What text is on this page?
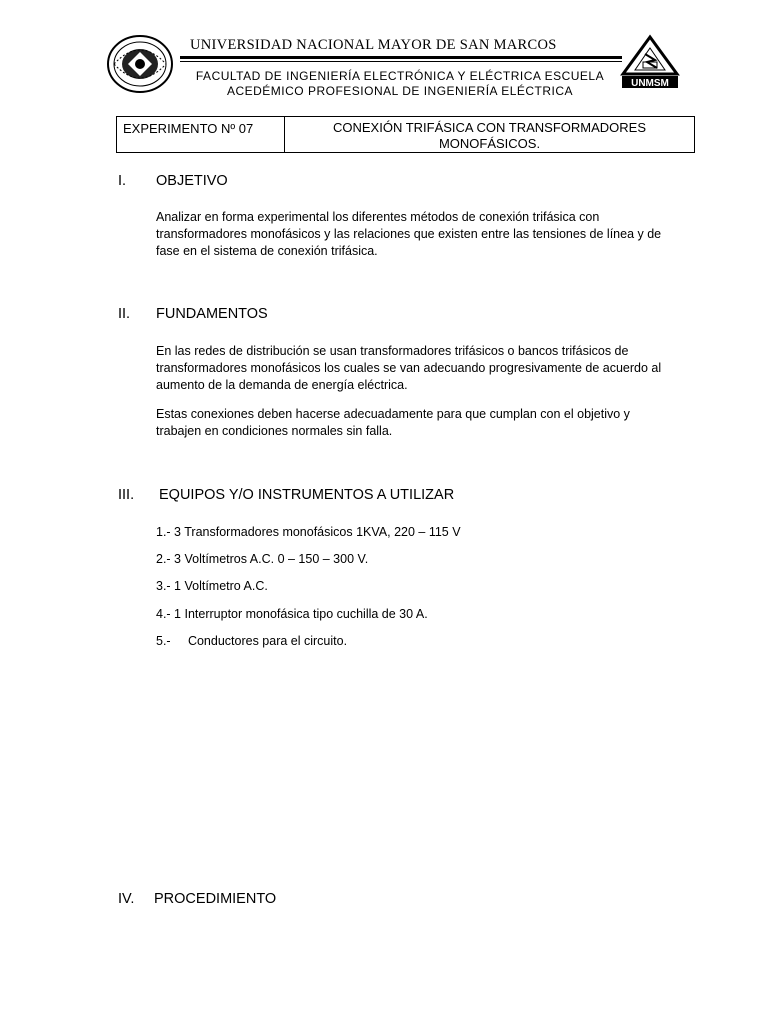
UNIVERSIDAD NACIONAL MAYOR DE SAN MARCOS
FACULTAD DE INGENIERÍA ELECTRÓNICA Y ELÉCTRICA ESCUELA
ACEDÉMICO PROFESIONAL DE INGENIERÍA ELÉCTRICA
UNMSM
EXPERIMENTO Nº 07	CONEXIÓN TRIFÁSICA CON TRANSFORMADORES
MONOFÁSICOS.
I. OBJETIVO
Analizar en forma experimental los diferentes métodos de conexión trifásica con transformadores monofásicos y las relaciones que existen entre las tensiones de línea y de fase en el sistema de conexión trifásica.
II. FUNDAMENTOS
En las redes de distribución se usan transformadores trifásicos o bancos trifásicos de transformadores monofásicos los cuales se van adecuando progresivamente de acuerdo al aumento de la demanda de energía eléctrica.
Estas conexiones deben hacerse adecuadamente para que cumplan con el objetivo y trabajen en condiciones normales sin falla.
III. EQUIPOS Y/O INSTRUMENTOS A UTILIZAR
1.- 3 Transformadores monofásicos 1KVA, 220 – 115 V
2.- 3 Voltímetros A.C. 0 – 150 – 300 V.
3.- 1 Voltímetro A.C.
4.- 1 Interruptor monofásica tipo cuchilla de 30 A.
5.-     Conductores para el circuito.
IV. PROCEDIMIENTO
